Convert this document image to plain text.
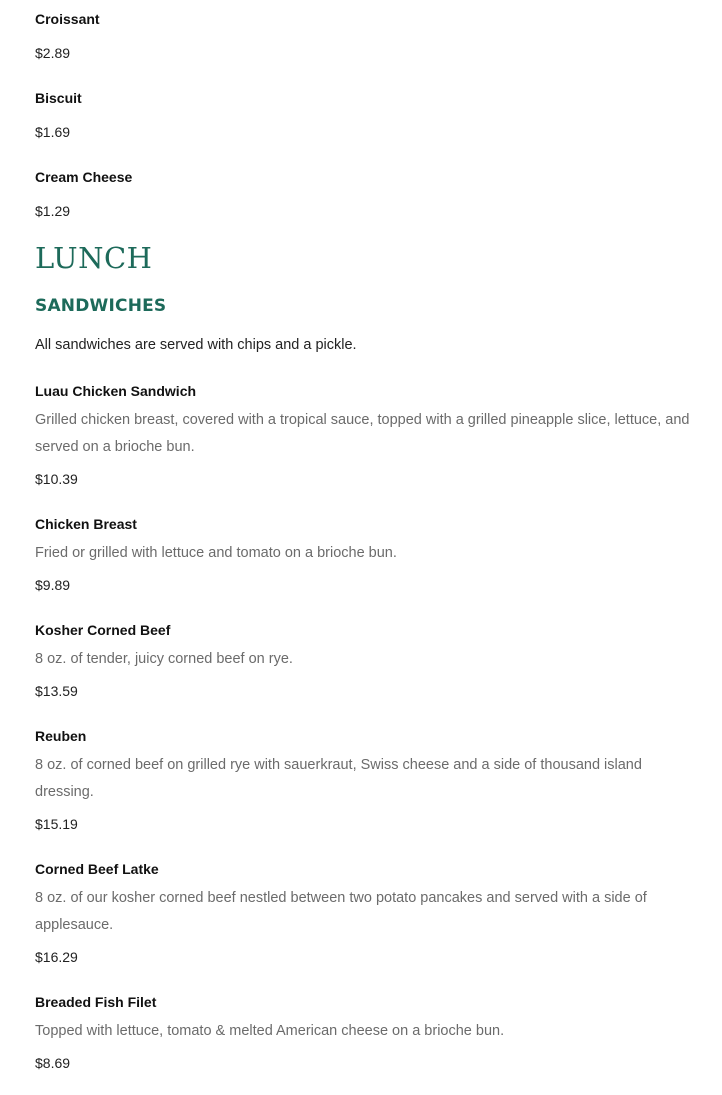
Croissant
$2.89
Biscuit
$1.69
Cream Cheese
$1.29
LUNCH
SANDWICHES

All sandwiches are served with chips and a pickle.

Luau Chicken Sandwich
Grilled chicken breast, covered with a tropical sauce, topped with a grilled pineapple slice, lettuce, and served on a brioche bun.
$10.39
Chicken Breast
Fried or grilled with lettuce and tomato on a brioche bun.
$9.89
Kosher Corned Beef
8 oz. of tender, juicy corned beef on rye.
$13.59
Reuben
8 oz. of corned beef on grilled rye with sauerkraut, Swiss cheese and a side of thousand island dressing.
$15.19
Corned Beef Latke
8 oz. of our kosher corned beef nestled between two potato pancakes and served with a side of applesauce.
$16.29
Breaded Fish Filet
Topped with lettuce, tomato & melted American cheese on a brioche bun.
$8.69
